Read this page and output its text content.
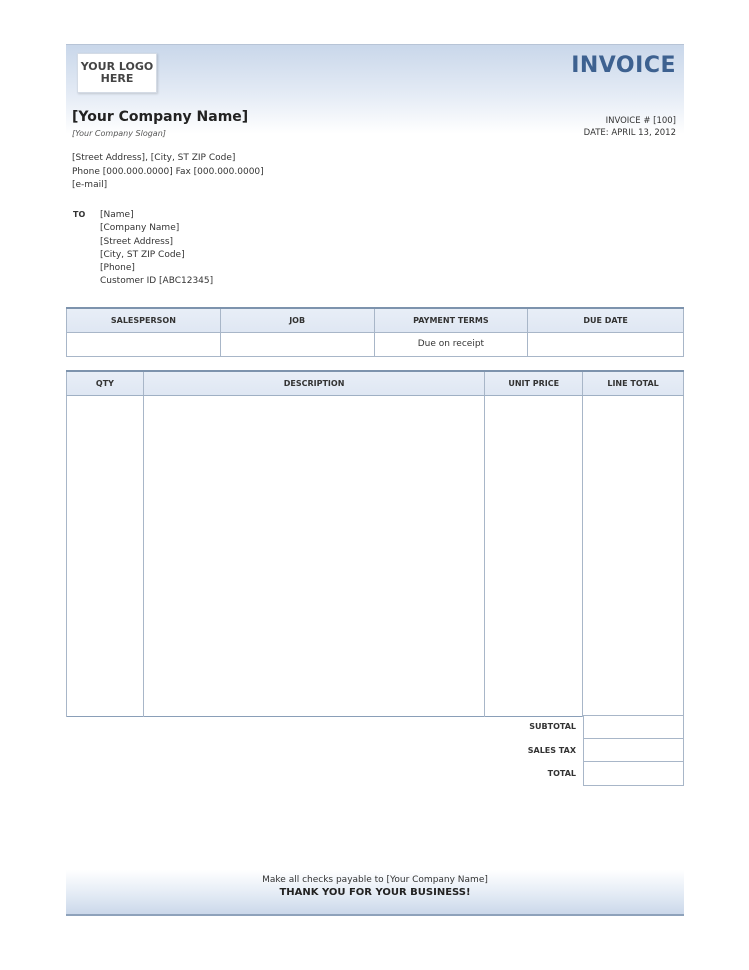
YOUR LOGO
HERE
INVOICE
[Your Company Name]
[Your Company Slogan]
INVOICE # [100]
DATE: APRIL 13, 2012
[Street Address], [City, ST ZIP Code]
Phone [000.000.0000] Fax [000.000.0000]
[e-mail]
TO [Name]
[Company Name]
[Street Address]
[City, ST ZIP Code]
[Phone]
Customer ID [ABC12345]
SALESPERSON	JOB	PAYMENT TERMS	DUE DATE
		Due on receipt	
QTY	DESCRIPTION	UNIT PRICE	LINE TOTAL

SUBTOTAL
SALES TAX
TOTAL
Make all checks payable to [Your Company Name]
THANK YOU FOR YOUR BUSINESS!
